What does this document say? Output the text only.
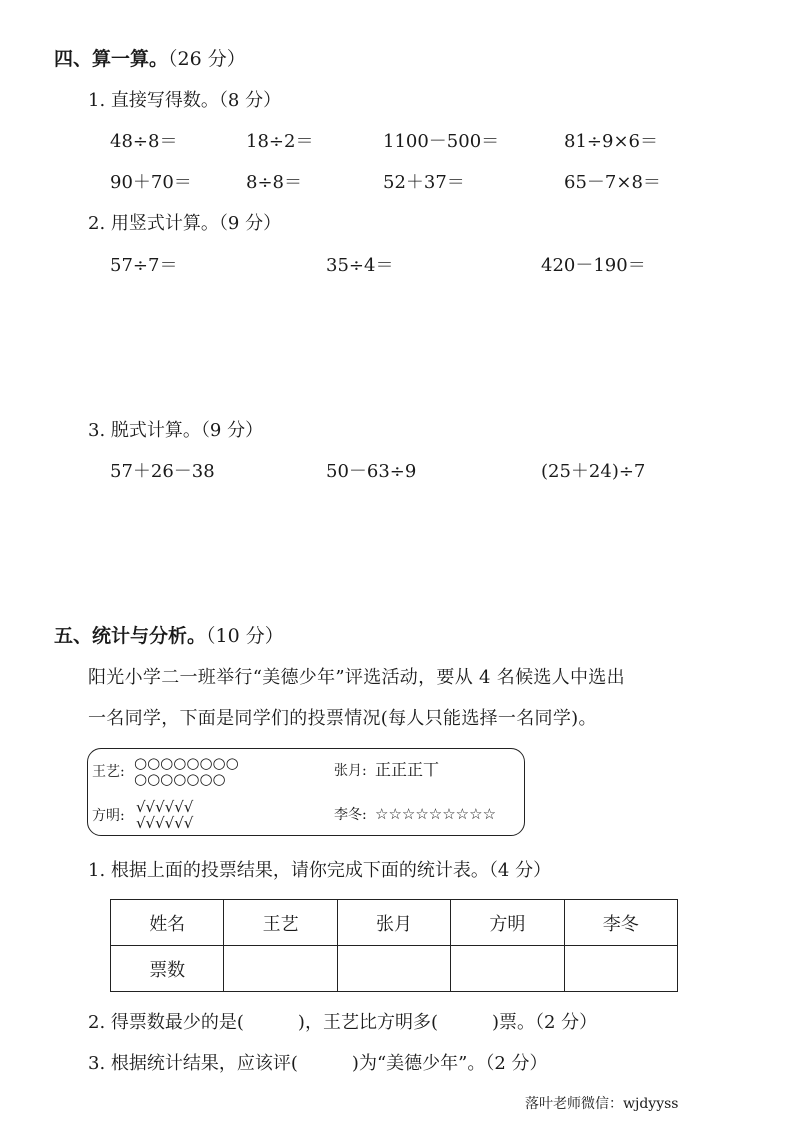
四、算一算。（26 分）
1. 直接写得数。（8 分）
48÷8＝	18÷2＝	1100－500＝	81÷9×6＝
90＋70＝	8÷8＝	52＋37＝	65－7×8＝
2. 用竖式计算。（9 分）
57÷7＝	35÷4＝	420－190＝
3. 脱式计算。（9 分）
57＋26－38	50－63÷9	(25＋24)÷7
五、统计与分析。（10 分）
阳光小学二一班举行“美德少年”评选活动，要从 4 名候选人中选出
一名同学，下面是同学们的投票情况(每人只能选择一名同学)。
王艺: ○○○○○○○○
○○○○○○○	张月: 正正正丅
方明: √√√√√√
√√√√√√	李冬: ☆☆☆☆☆☆☆☆☆
1. 根据上面的投票结果，请你完成下面的统计表。（4 分）
姓名	王艺	张月	方明	李冬
票数				
2. 得票数最少的是(　　　)，王艺比方明多(　　　)票。（2 分）
3. 根据统计结果，应该评(　　　)为“美德少年”。（2 分）
落叶老师微信：wjdyyss
